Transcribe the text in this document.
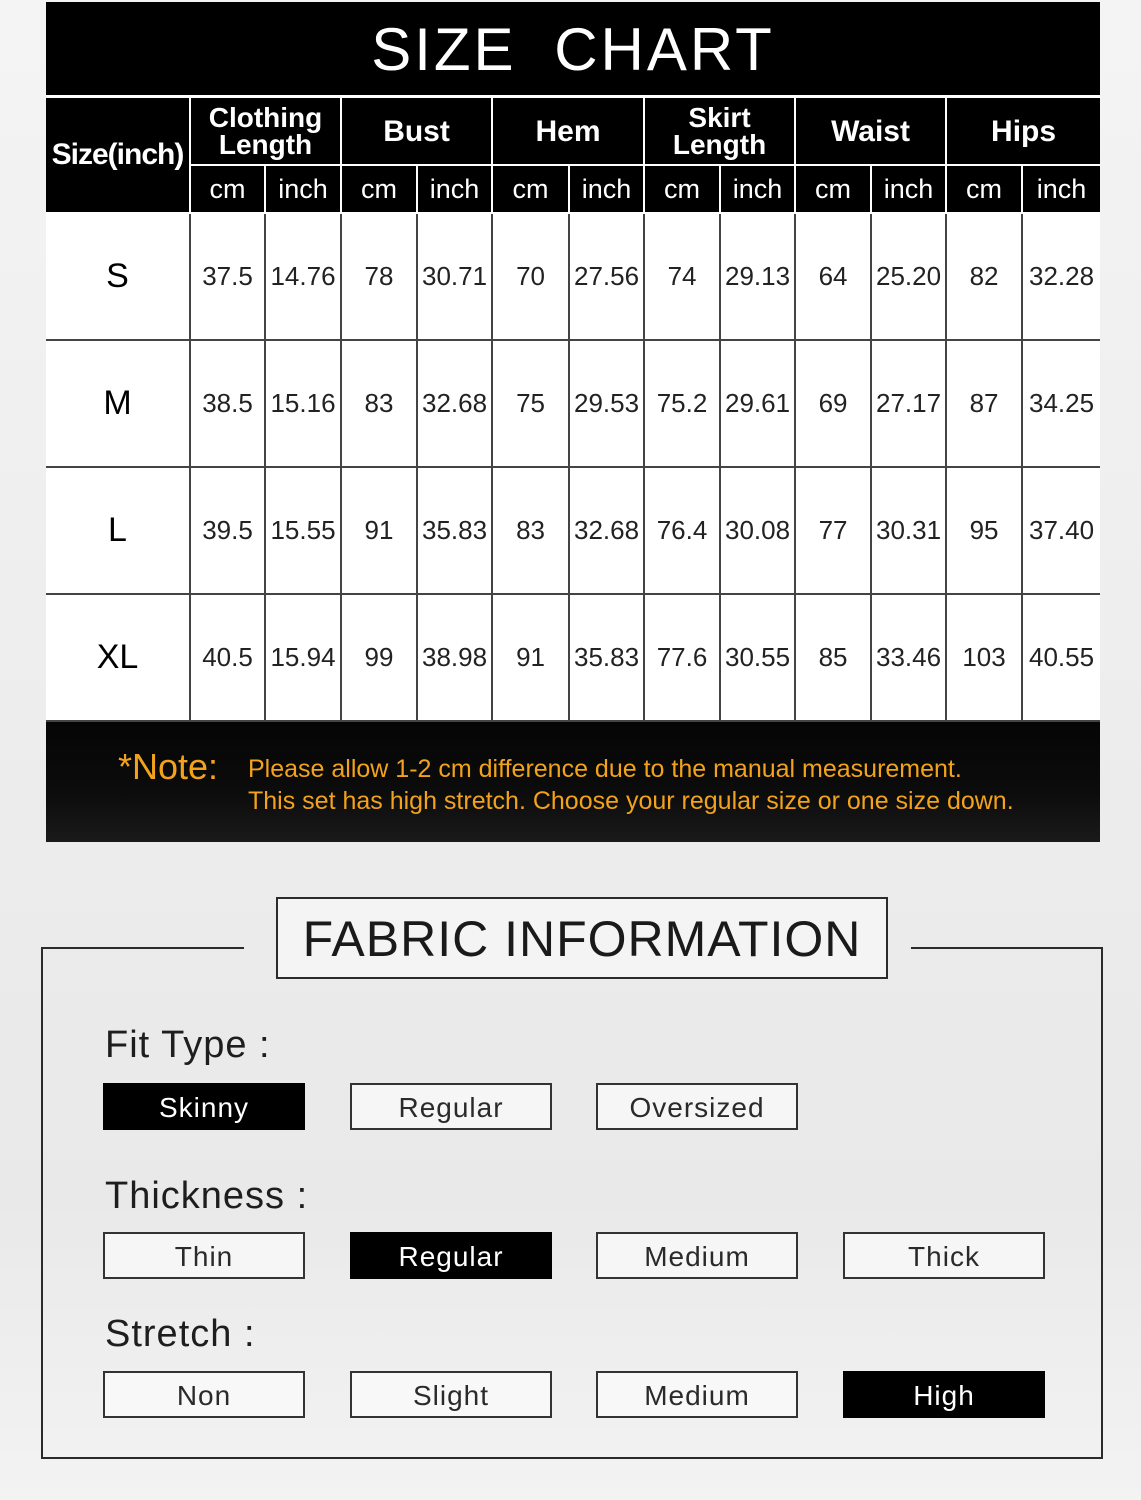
SIZE CHART
Size(inch)	Clothing Length		Bust		Hem		Skirt Length		Waist		Hips	
	cm	inch	cm	inch	cm	inch	cm	inch	cm	inch	cm	inch
S	37.5	14.76	78	30.71	70	27.56	74	29.13	64	25.20	82	32.28
M	38.5	15.16	83	32.68	75	29.53	75.2	29.61	69	27.17	87	34.25
L	39.5	15.55	91	35.83	83	32.68	76.4	30.08	77	30.31	95	37.40
XL	40.5	15.94	99	38.98	91	35.83	77.6	30.55	85	33.46	103	40.55
*Note: Please allow 1-2 cm difference due to the manual measurement.
This set has high stretch. Choose your regular size or one size down.
FABRIC INFORMATION
Fit Type :
Skinny	Regular	Oversized
Thickness :
Thin	Regular	Medium	Thick
Stretch :
Non	Slight	Medium	High
